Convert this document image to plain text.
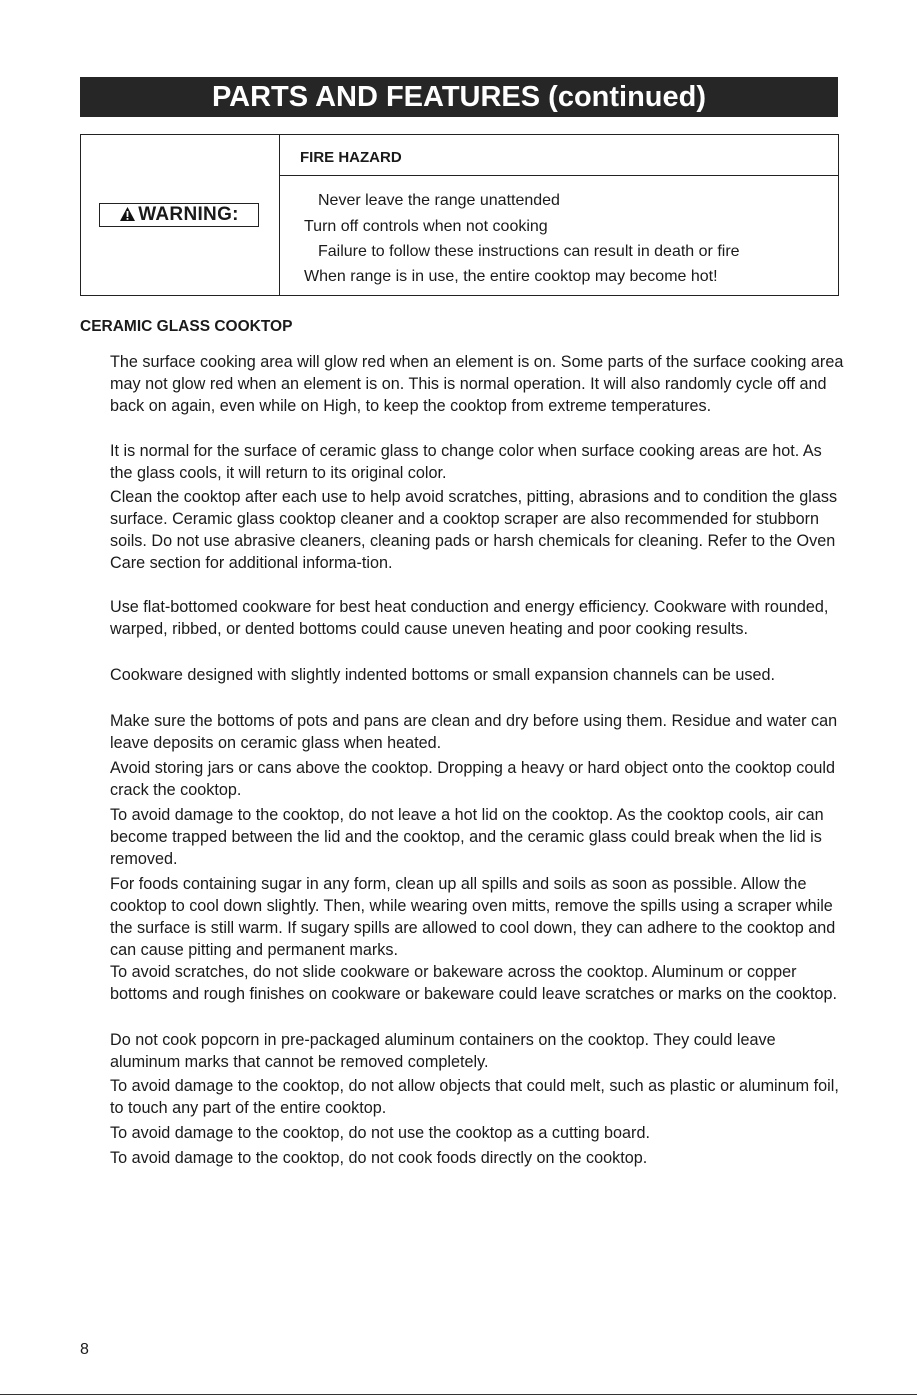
PARTS AND FEATURES (continued)
WARNING:
FIRE HAZARD
Never leave the range unattended
Turn off controls when not cooking
Failure to follow these instructions can result in death or fire
When range is in use, the entire cooktop may become hot!
CERAMIC GLASS COOKTOP

The surface cooking area will glow red when an element is on. Some parts of the surface cooking area may not glow red when an element is on. This is normal operation. It will also randomly cycle off and back on again, even while on High, to keep the cooktop from extreme temperatures.

It is normal for the surface of ceramic glass to change color when surface cooking areas are hot. As the glass cools, it will return to its original color.

Clean the cooktop after each use to help avoid scratches, pitting, abrasions and to condition the glass surface. Ceramic glass cooktop cleaner and a cooktop scraper are also recommended for stubborn soils. Do not use abrasive cleaners, cleaning pads or harsh chemicals for cleaning. Refer to the Oven Care section for additional informa-tion.

Use flat-bottomed cookware for best heat conduction and energy efficiency. Cookware with rounded, warped, ribbed, or dented bottoms could cause uneven heating and poor cooking results.

Cookware designed with slightly indented bottoms or small expansion channels can be used.

Make sure the bottoms of pots and pans are clean and dry before using them. Residue and water can leave deposits on ceramic glass when heated.

Avoid storing jars or cans above the cooktop. Dropping a heavy or hard object onto the cooktop could crack the cooktop.

To avoid damage to the cooktop, do not leave a hot lid on the cooktop. As the cooktop cools, air can become trapped between the lid and the cooktop, and the ceramic glass could break when the lid is removed.

For foods containing sugar in any form, clean up all spills and soils as soon as possible. Allow the cooktop to cool down slightly. Then, while wearing oven mitts, remove the spills using a scraper while the surface is still warm. If sugary spills are allowed to cool down, they can adhere to the cooktop and can cause pitting and permanent marks.

To avoid scratches, do not slide cookware or bakeware across the cooktop. Aluminum or copper bottoms and rough finishes on cookware or bakeware could leave scratches or marks on the cooktop.

Do not cook popcorn in pre-packaged aluminum containers on the cooktop. They could leave aluminum marks that cannot be removed completely.

To avoid damage to the cooktop, do not allow objects that could melt, such as plastic or aluminum foil, to touch any part of the entire cooktop.

To avoid damage to the cooktop, do not use the cooktop as a cutting board.

To avoid damage to the cooktop, do not cook foods directly on the cooktop.

8
